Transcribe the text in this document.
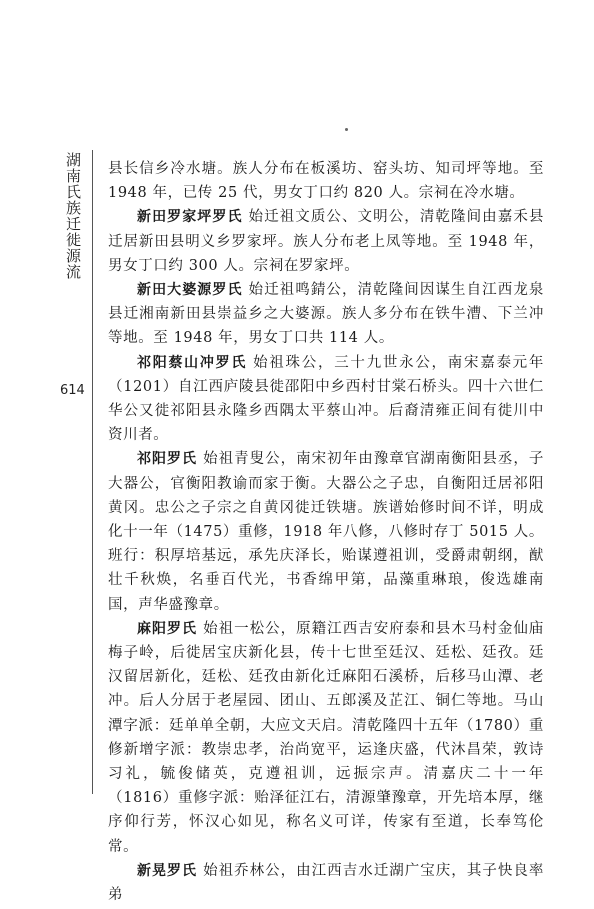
湖南氏族迁徙源流
614

县长信乡冷水塘。族人分布在板溪坊、窑头坊、知司坪等地。至 1948 年，已传 25 代，男女丁口约 820 人。宗祠在冷水塘。

新田罗家坪罗氏 始迁祖文质公、文明公，清乾隆间由嘉禾县迁居新田县明义乡罗家坪。族人分布老上凤等地。至 1948 年，男女丁口约 300 人。宗祠在罗家坪。

新田大婆源罗氏 始迁祖鸣錆公，清乾隆间因谋生自江西龙泉县迁湘南新田县崇益乡之大婆源。族人多分布在铁牛漕、下兰冲等地。至 1948 年，男女丁口共 114 人。

祁阳蔡山冲罗氏 始祖珠公，三十九世永公，南宋嘉泰元年（1201）自江西庐陵县徙邵阳中乡西村甘棠石桥头。四十六世仁华公又徙祁阳县永隆乡西隅太平蔡山冲。后裔清雍正间有徙川中资川者。

祁阳罗氏 始祖青叟公，南宋初年由豫章官湖南衡阳县丞，子大器公，官衡阳教谕而家于衡。大器公之子忠，自衡阳迁居祁阳黄冈。忠公之子宗之自黄冈徙迁铁塘。族谱始修时间不详，明成化十一年（1475）重修，1918 年八修，八修时存丁 5015 人。班行：积厚培基远，承先庆泽长，贻谋遵祖训，受爵肃朝纲，猷壮千秋焕，名垂百代光，书香绵甲第，品藻重琳琅，俊选雄南国，声华盛豫章。

麻阳罗氏 始祖一松公，原籍江西吉安府泰和县木马村金仙庙梅子岭，后徙居宝庆新化县，传十七世至廷汉、廷松、廷孜。廷汉留居新化，廷松、廷孜由新化迁麻阳石溪桥，后移马山潭、老冲。后人分居于老屋园、团山、五郎溪及芷江、铜仁等地。马山潭字派：廷单单全朝，大应文天启。清乾隆四十五年（1780）重修新增字派：教崇忠孝，治尚宽平，运逢庆盛，代沐昌荣，敦诗习礼，毓俊储英，克遵祖训，远振宗声。清嘉庆二十一年（1816）重修字派：贻泽征江右，清源肇豫章，开先培本厚，继序仰行芳，怀汉心如见，称名义可详，传家有至道，长奉笃伦常。

新晃罗氏 始祖乔林公，由江西吉水迁湖广宝庆，其子快良率弟
